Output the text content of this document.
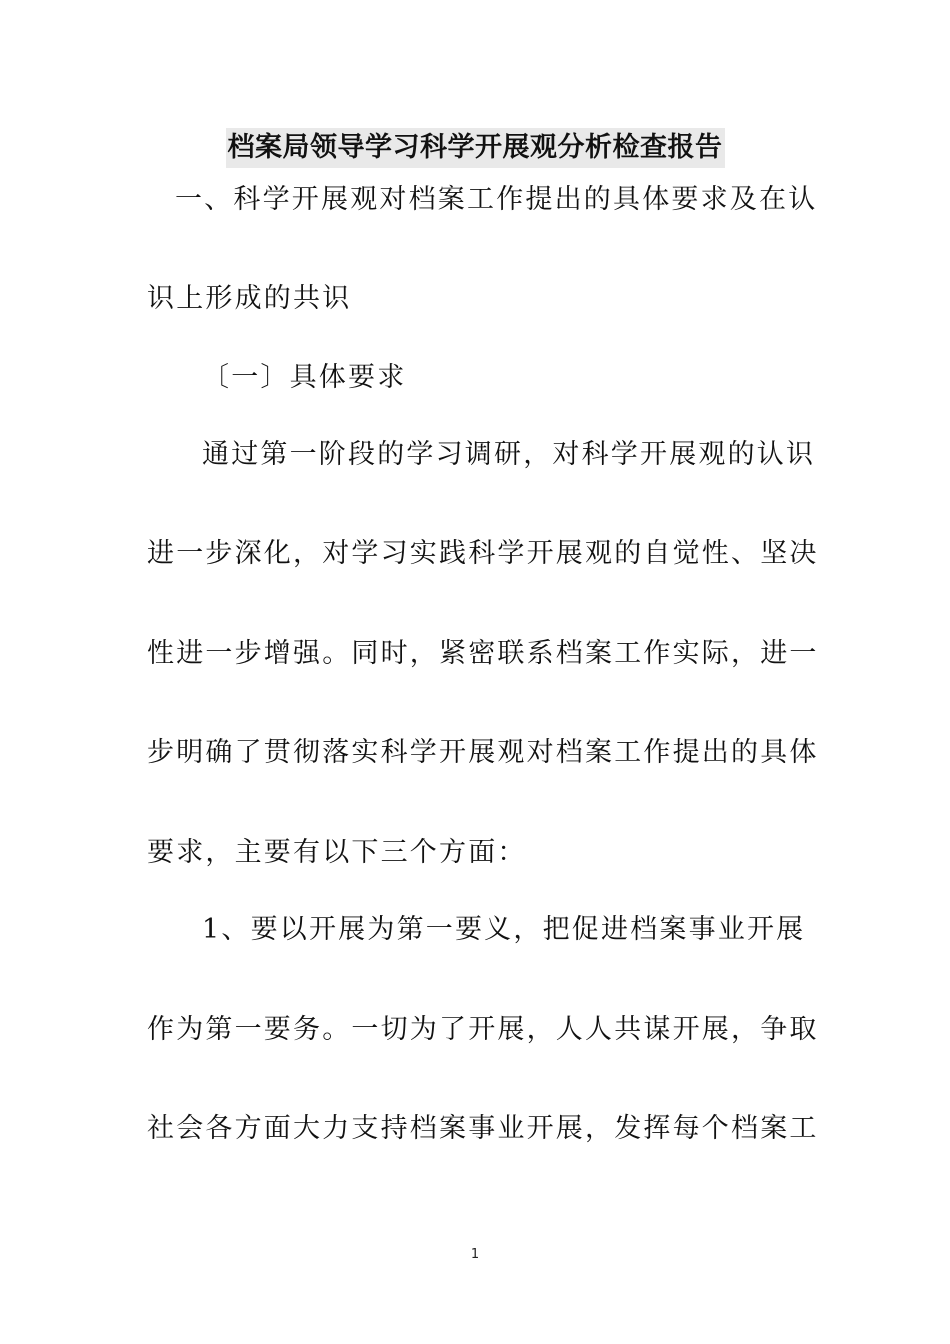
档案局领导学习科学开展观分析检查报告
一、科学开展观对档案工作提出的具体要求及在认
识上形成的共识
〔一〕具体要求
通过第一阶段的学习调研，对科学开展观的认识
进一步深化，对学习实践科学开展观的自觉性、坚决
性进一步增强。同时，紧密联系档案工作实际，进一
步明确了贯彻落实科学开展观对档案工作提出的具体
要求，主要有以下三个方面：
1、要以开展为第一要义，把促进档案事业开展
作为第一要务。一切为了开展，人人共谋开展，争取
社会各方面大力支持档案事业开展，发挥每个档案工
1
